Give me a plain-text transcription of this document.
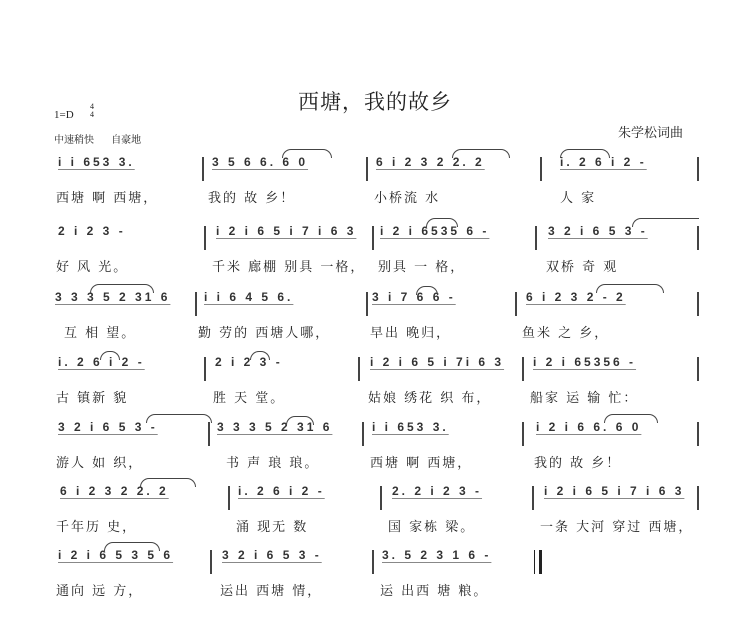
西塘，我的故乡
1=D
4
4
中速稍快 自豪地	朱学松词曲
i i 653 3.
西塘 啊 西塘，
3 5 6 6. 6 0
我的 故 乡！
6 i 2 3 2 2. 2
小桥流 水
i. 2 6 i 2 -
人 家
2 i 2 3 -
好 风 光。
i 2 i 6 5 i 7 i 6 3
千米 廊棚 别具 一格，
i 2 i 6535 6 -
别具 一 格，
3 2 i 6 5 3 -
双桥 奇 观
3 3 3 5 2 31 6
互 相 望。
i i 6 4 5 6.
勤 劳的 西塘人哪，
3 i 7 6 6 -
早出 晚归，
6 i 2 3 2 - 2
鱼米 之 乡，
i. 2 6 i 2 -
古 镇新 貌
2 i 2 3 -
胜 天 堂。
i 2 i 6 5 i 7i 6 3
姑娘 绣花 织 布，
i 2 i 65356 -
船家 运 输 忙：
3 2 i 6 5 3 -
游人 如 织，
3 3 3 5 2 31 6
书 声 琅 琅。
i i 653 3.
西塘 啊 西塘，
i 2 i 6 6. 6 0
我的 故 乡！
6 i 2 3 2 2. 2
千年历 史，
i. 2 6 i 2 -
涌 现无 数
2. 2 i 2 3 -
国 家栋 梁。
i 2 i 6 5 i 7 i 6 3
一条 大河 穿过 西塘，
i 2 i 6 5 3 5 6
通向 远 方，
3 2 i 6 5 3 -
运出 西塘 情，
3. 5 2 3 1 6 -
运 出西 塘 粮。
